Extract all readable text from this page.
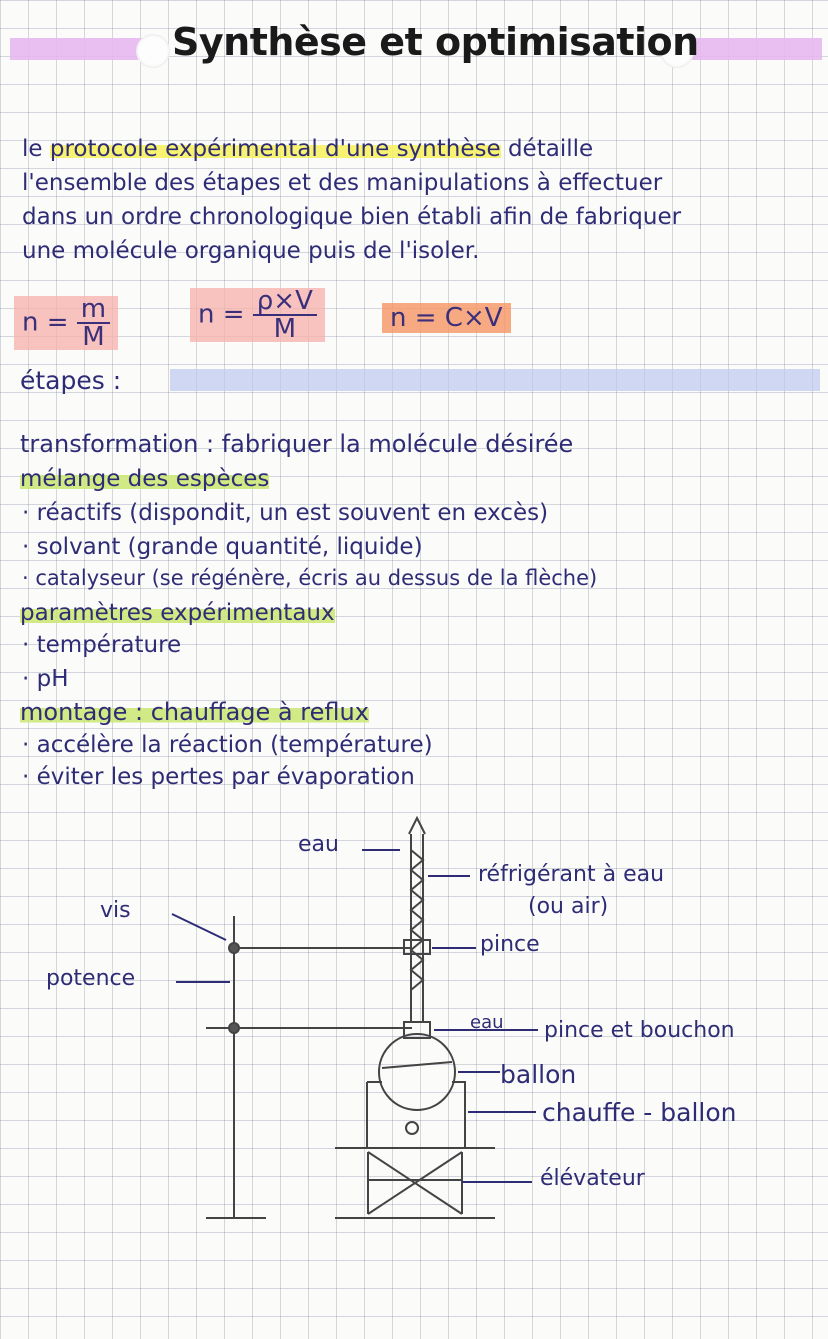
Synthèse et optimisation
le protocole expérimental d'une synthèse détaille
l'ensemble des étapes et des manipulations à effectuer
dans un ordre chronologique bien établi afin de fabriquer
une molécule organique puis de l'isoler.
$n = \frac{m}{M}$	$n = \frac{\rho\times V}{M}$	n = C×V
étapes :
transformation : fabriquer la molécule désirée
mélange des espèces
· réactifs (dispondit, un est souvent en excès)
· solvant (grande quantité, liquide)
· catalyseur (se régénère, écris au dessus de la flèche)
paramètres expérimentaux
· température
· pH
montage : chauffage à reflux
· accélère la réaction (température)
· éviter les pertes par évaporation
eau
réfrigérant à eau
(ou air)
vis
pince
potence
eau pince et bouchon
ballon
chauffe - ballon
élévateur
